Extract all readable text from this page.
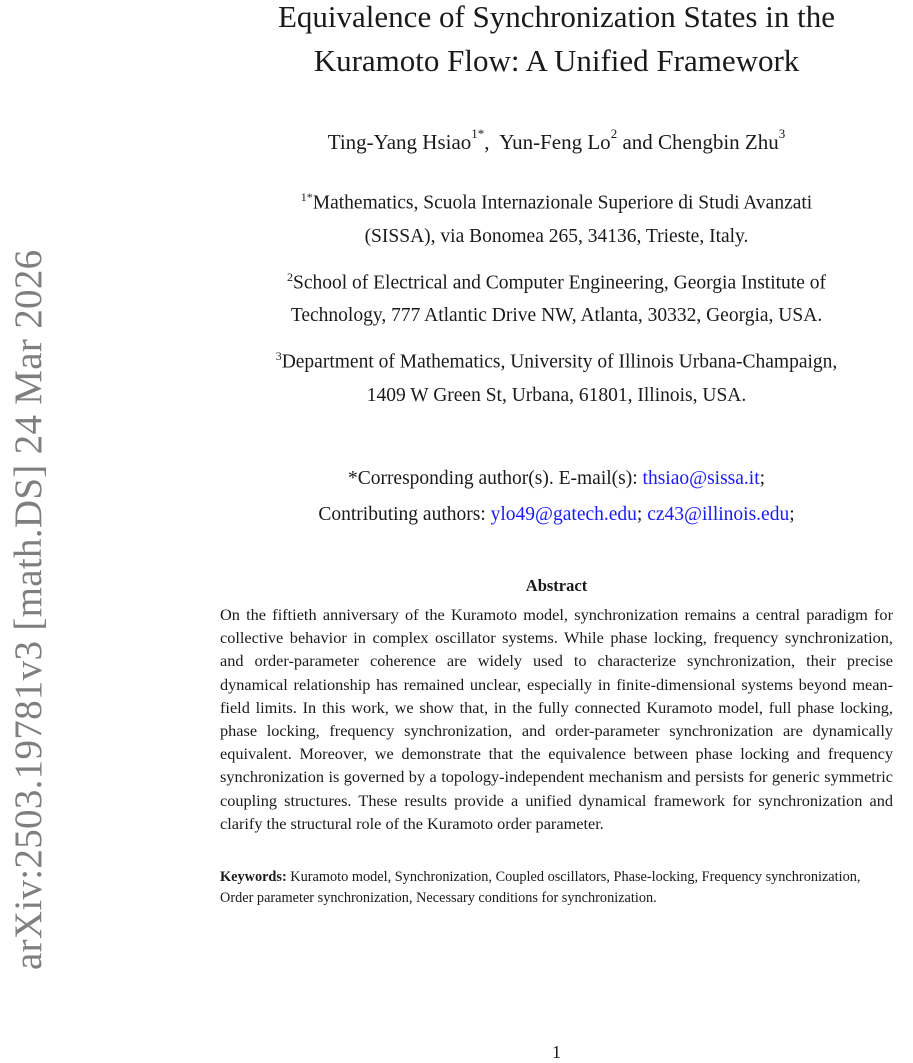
arXiv:2503.19781v3 [math.DS] 24 Mar 2026
Equivalence of Synchronization States in the
Kuramoto Flow: A Unified Framework
Ting-Yang Hsiao$^{1*}$,  Yun-Feng Lo$^2$ and Chengbin Zhu$^3$
$^{1*}$Mathematics, Scuola Internazionale Superiore di Studi Avanzati
(SISSA), via Bonomea 265, 34136, Trieste, Italy.
$^2$School of Electrical and Computer Engineering, Georgia Institute of
Technology, 777 Atlantic Drive NW, Atlanta, 30332, Georgia, USA.
$^3$Department of Mathematics, University of Illinois Urbana-Champaign,
1409 W Green St, Urbana, 61801, Illinois, USA.
*Corresponding author(s). E-mail(s): thsiao@sissa.it;
Contributing authors: ylo49@gatech.edu; cz43@illinois.edu;
Abstract
On the fiftieth anniversary of the Kuramoto model, synchronization remains a central paradigm for collective behavior in complex oscillator systems. While phase locking, frequency synchronization, and order-parameter coherence are widely used to characterize synchronization, their precise dynamical relationship has remained unclear, especially in finite-dimensional systems beyond mean-field limits. In this work, we show that, in the fully connected Kuramoto model, full phase locking, phase locking, frequency synchronization, and order-parameter synchronization are dynamically equivalent. Moreover, we demonstrate that the equivalence between phase locking and frequency synchronization is governed by a topology-independent mechanism and persists for generic symmetric coupling structures. These results provide a unified dynamical framework for synchronization and clarify the structural role of the Kuramoto order parameter.
Keywords: Kuramoto model, Synchronization, Coupled oscillators, Phase-locking, Frequency synchronization, Order parameter synchronization, Necessary conditions for synchronization.
1
